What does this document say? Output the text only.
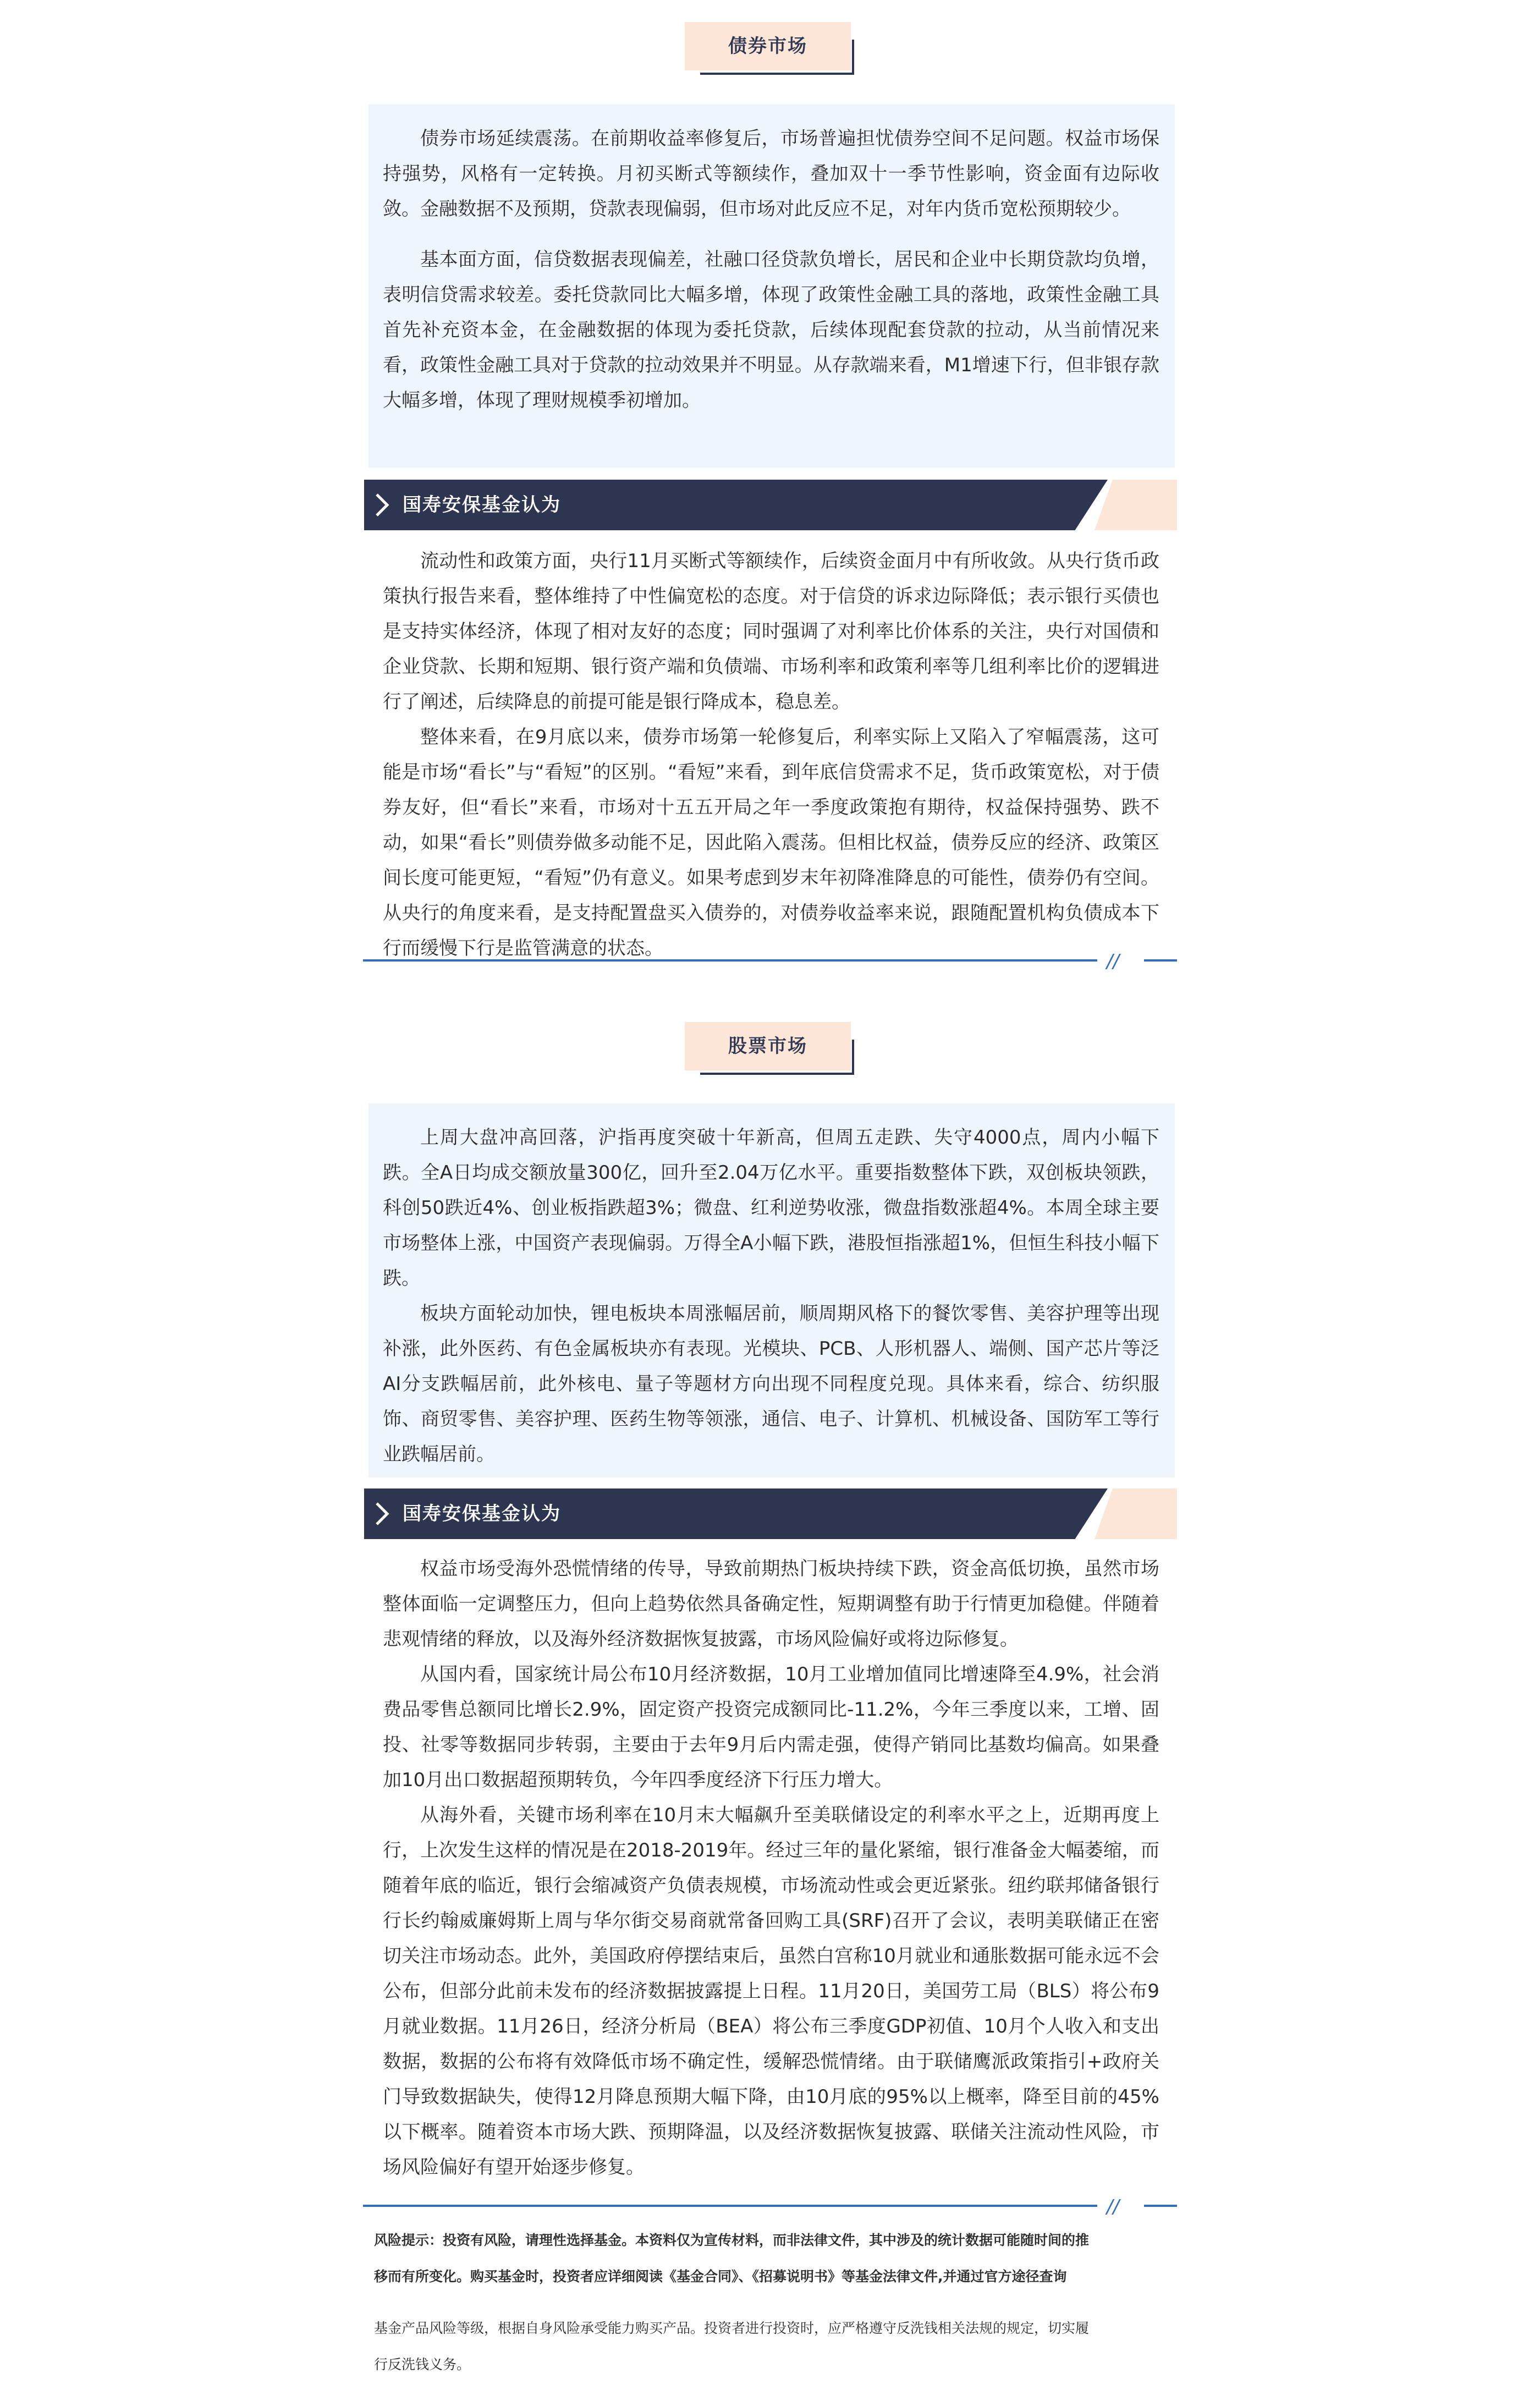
债券市场

债券市场延续震荡。在前期收益率修复后，市场普遍担忧债券空间不足问题。权益市场保持强势，风格有一定转换。月初买断式等额续作，叠加双十一季节性影响，资金面有边际收敛。金融数据不及预期，贷款表现偏弱，但市场对此反应不足，对年内货币宽松预期较少。

基本面方面，信贷数据表现偏差，社融口径贷款负增长，居民和企业中长期贷款均负增，表明信贷需求较差。委托贷款同比大幅多增，体现了政策性金融工具的落地，政策性金融工具首先补充资本金，在金融数据的体现为委托贷款，后续体现配套贷款的拉动，从当前情况来看，政策性金融工具对于贷款的拉动效果并不明显。从存款端来看，M1增速下行，但非银存款大幅多增，体现了理财规模季初增加。

国寿安保基金认为

流动性和政策方面，央行11月买断式等额续作，后续资金面月中有所收敛。从央行货币政策执行报告来看，整体维持了中性偏宽松的态度。对于信贷的诉求边际降低；表示银行买债也是支持实体经济，体现了相对友好的态度；同时强调了对利率比价体系的关注，央行对国债和企业贷款、长期和短期、银行资产端和负债端、市场利率和政策利率等几组利率比价的逻辑进行了阐述，后续降息的前提可能是银行降成本，稳息差。

整体来看，在9月底以来，债券市场第一轮修复后，利率实际上又陷入了窄幅震荡，这可能是市场“看长”与“看短”的区别。“看短”来看，到年底信贷需求不足，货币政策宽松，对于债券友好，但“看长”来看，市场对十五五开局之年一季度政策抱有期待，权益保持强势、跌不动，如果“看长”则债券做多动能不足，因此陷入震荡。但相比权益，债券反应的经济、政策区间长度可能更短，“看短”仍有意义。如果考虑到岁末年初降准降息的可能性，债券仍有空间。从央行的角度来看，是支持配置盘买入债券的，对债券收益率来说，跟随配置机构负债成本下行而缓慢下行是监管满意的状态。

//
股票市场

上周大盘冲高回落，沪指再度突破十年新高，但周五走跌、失守4000点，周内小幅下跌。全A日均成交额放量300亿，回升至2.04万亿水平。重要指数整体下跌，双创板块领跌，科创50跌近4%、创业板指跌超3%；微盘、红利逆势收涨，微盘指数涨超4%。本周全球主要市场整体上涨，中国资产表现偏弱。万得全A小幅下跌，港股恒指涨超1%，但恒生科技小幅下跌。

板块方面轮动加快，锂电板块本周涨幅居前，顺周期风格下的餐饮零售、美容护理等出现补涨，此外医药、有色金属板块亦有表现。光模块、PCB、人形机器人、端侧、国产芯片等泛AI分支跌幅居前，此外核电、量子等题材方向出现不同程度兑现。具体来看，综合、纺织服饰、商贸零售、美容护理、医药生物等领涨，通信、电子、计算机、机械设备、国防军工等行业跌幅居前。

国寿安保基金认为

权益市场受海外恐慌情绪的传导，导致前期热门板块持续下跌，资金高低切换，虽然市场整体面临一定调整压力，但向上趋势依然具备确定性，短期调整有助于行情更加稳健。伴随着悲观情绪的释放，以及海外经济数据恢复披露，市场风险偏好或将边际修复。

从国内看，国家统计局公布10月经济数据，10月工业增加值同比增速降至4.9%，社会消费品零售总额同比增长2.9%，固定资产投资完成额同比-11.2%，今年三季度以来，工增、固投、社零等数据同步转弱，主要由于去年9月后内需走强，使得产销同比基数均偏高。如果叠加10月出口数据超预期转负，今年四季度经济下行压力增大。

从海外看，关键市场利率在10月末大幅飙升至美联储设定的利率水平之上，近期再度上行，上次发生这样的情况是在2018-2019年。经过三年的量化紧缩，银行准备金大幅萎缩，而随着年底的临近，银行会缩减资产负债表规模，市场流动性或会更近紧张。纽约联邦储备银行行长约翰威廉姆斯上周与华尔街交易商就常备回购工具(SRF)召开了会议，表明美联储正在密切关注市场动态。此外，美国政府停摆结束后，虽然白宫称10月就业和通胀数据可能永远不会公布，但部分此前未发布的经济数据披露提上日程。11月20日，美国劳工局（BLS）将公布9月就业数据。11月26日，经济分析局（BEA）将公布三季度GDP初值、10月个人收入和支出数据，数据的公布将有效降低市场不确定性，缓解恐慌情绪。由于联储鹰派政策指引+政府关门导致数据缺失，使得12月降息预期大幅下降，由10月底的95%以上概率，降至目前的45%以下概率。随着资本市场大跌、预期降温，以及经济数据恢复披露、联储关注流动性风险，市场风险偏好有望开始逐步修复。

//
风险提示：投资有风险，请理性选择基金。本资料仅为宣传材料，而非法律文件，其中涉及的统计数据可能随时间的推
移而有所变化。购买基金时，投资者应详细阅读《基金合同》、《招募说明书》等基金法律文件,并通过官方途径查询
基金产品风险等级，根据自身风险承受能力购买产品。投资者进行投资时，应严格遵守反洗钱相关法规的规定，切实履
行反洗钱义务。
